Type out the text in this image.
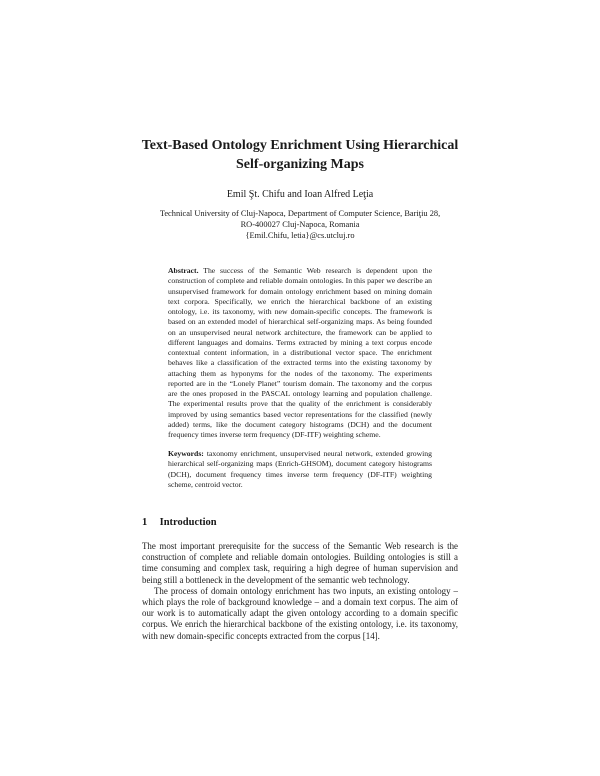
Text-Based Ontology Enrichment Using Hierarchical
Self-organizing Maps
Emil Şt. Chifu and Ioan Alfred Leţia
Technical University of Cluj-Napoca, Department of Computer Science, Bariţiu 28,
RO-400027 Cluj-Napoca, Romania
{Emil.Chifu, letia}@cs.utcluj.ro
Abstract. The success of the Semantic Web research is dependent upon the construction of complete and reliable domain ontologies. In this paper we describe an unsupervised framework for domain ontology enrichment based on mining domain text corpora. Specifically, we enrich the hierarchical backbone of an existing ontology, i.e. its taxonomy, with new domain-specific concepts. The framework is based on an extended model of hierarchical self-organizing maps. As being founded on an unsupervised neural network architecture, the framework can be applied to different languages and domains. Terms extracted by mining a text corpus encode contextual content information, in a distributional vector space. The enrichment behaves like a classification of the extracted terms into the existing taxonomy by attaching them as hyponyms for the nodes of the taxonomy. The experiments reported are in the “Lonely Planet” tourism domain. The taxonomy and the corpus are the ones proposed in the PASCAL ontology learning and population challenge. The experimental results prove that the quality of the enrichment is considerably improved by using semantics based vector representations for the classified (newly added) terms, like the document category histograms (DCH) and the document frequency times inverse term frequency (DF-ITF) weighting scheme.
Keywords: taxonomy enrichment, unsupervised neural network, extended growing hierarchical self-organizing maps (Enrich-GHSOM), document category histograms (DCH), document frequency times inverse term frequency (DF-ITF) weighting scheme, centroid vector.
1 Introduction

The most important prerequisite for the success of the Semantic Web research is the construction of complete and reliable domain ontologies. Building ontologies is still a time consuming and complex task, requiring a high degree of human supervision and being still a bottleneck in the development of the semantic web technology.

The process of domain ontology enrichment has two inputs, an existing ontology – which plays the role of background knowledge – and a domain text corpus. The aim of our work is to automatically adapt the given ontology according to a domain specific corpus. We enrich the hierarchical backbone of the existing ontology, i.e. its taxonomy, with new domain-specific concepts extracted from the corpus [14].
